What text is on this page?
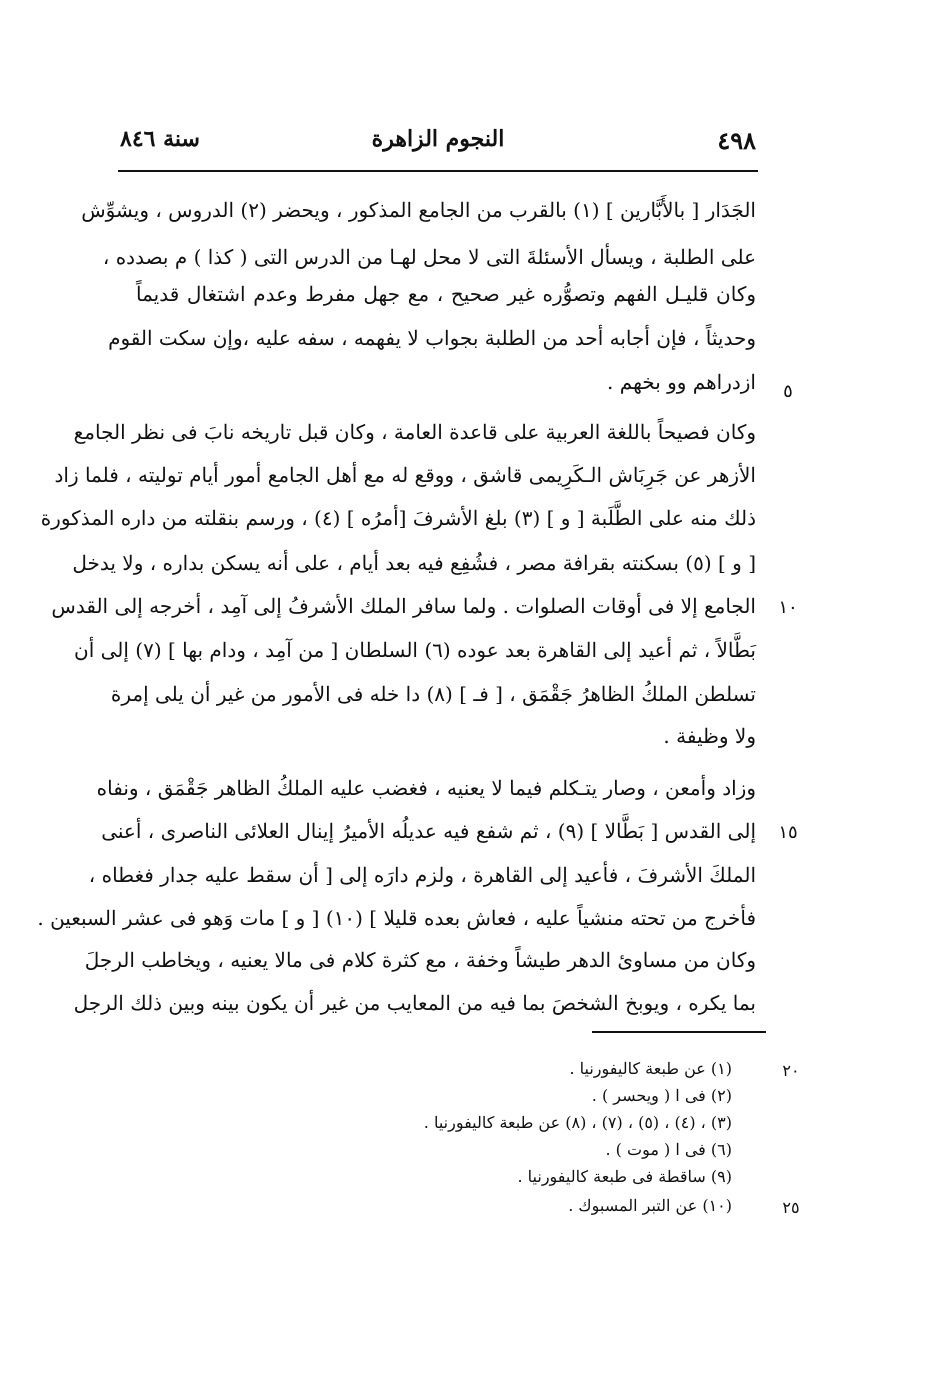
٤٩٨
النجوم الزاهرة
سنة ٨٤٦
الجَدَار [ بالأَبَّارين ] (١) بالقرب من الجامع المذكور ، ويحضر (٢) الدروس ، ويشوِّش
على الطلبة ، ويسأل الأسئلةَ التى لا محل لهـا من الدرس التى ( كذا ) م بصدده ،
وكان قليـل الفهم وتصوُّره غير صحيح ، مع جهل مفرط وعدم اشتغال قديماً
وحديثاً ، فإن أجابه أحد من الطلبة بجواب لا يفهمه ، سفه عليه ،وإن سكت القوم
ازدراهم وو بخهم .
وكان فصيحاً باللغة العربية على قاعدة العامة ، وكان قبل تاريخه نابَ فى نظر الجامع
الأزهر عن جَرِبَاش الـكَرِيمى قاشق ، ووقع له مع أهل الجامع أمور أيام توليته ، فلما زاد
ذلك منه على الطَّلَبة [ و ] (٣) بلغ الأشرفَ [أمرُه ] (٤) ، ورسم بنقلته من داره المذكورة
[ و ] (٥) بسكنته بقرافة مصر ، فشُفِع فيه بعد أيام ، على أنه يسكن بداره ، ولا يدخل
الجامع إلا فى أوقات الصلوات . ولما سافر الملك الأشرفُ إلى آمِد ، أخرجه إلى القدس
بَطَّالاً ، ثم أعيد إلى القاهرة بعد عوده (٦) السلطان [ من آمِد ، ودام بها ] (٧) إلى أن
تسلطن الملكُ الظاهرُ جَقْمَق ، [ فـ ] (٨) دا خله فى الأمور من غير أن يلى إمرة
ولا وظيفة .
وزاد وأمعن ، وصار يتـكلم فيما لا يعنيه ، فغضب عليه الملكُ الظاهر جَقْمَق ، ونفاه
إلى القدس [ بَطَّالا ] (٩) ، ثم شفع فيه عديلُه الأميرُ إينال العلائى الناصرى ، أعنى
الملكَ الأشرفَ ، فأعيد إلى القاهرة ، ولزم دارَه إلى [ أن سقط عليه جدار فغطاه ،
فأخرج من تحته منشياً عليه ، فعاش بعده قليلا ] (١٠) [ و ] مات وَهو فى عشر السبعين .
وكان من مساوئ الدهر طيشاً وخفة ، مع كثرة كلام فى مالا يعنيه ، ويخاطب الرجلَ
بما يكره ، ويوبخ الشخصَ بما فيه من المعايب من غير أن يكون بينه وبين ذلك الرجل
٥
١٠
١٥
(١) عن طبعة كاليفورنيا .
(٢) فى ا ( ويحسر ) .
(٣) ، (٤) ، (٥) ، (٧) ، (٨) عن طبعة كاليفورنيا .
(٦) فى ا ( موت ) .
(٩) ساقطة فى طبعة كاليفورنيا .
(١٠) عن التبر المسبوك .
٢٠
٢٥
